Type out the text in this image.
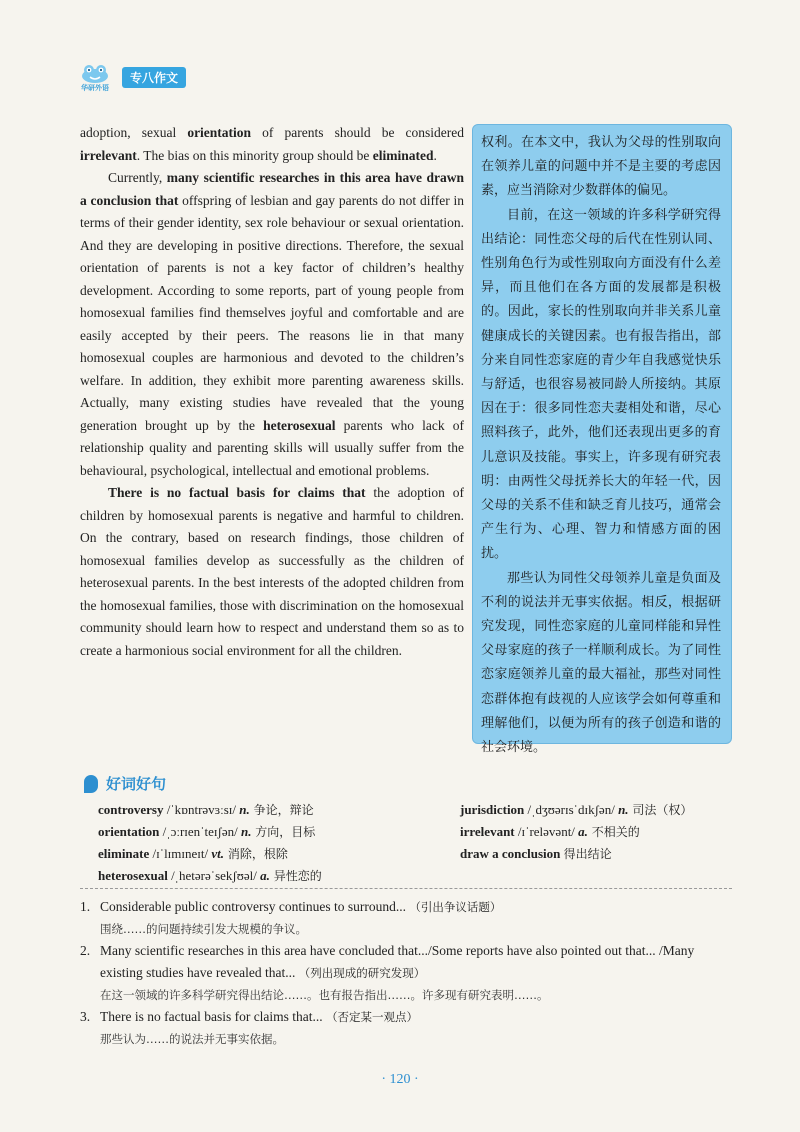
华研外语
专八作文

adoption, sexual orientation of parents should be considered irrelevant. The bias on this minority group should be eliminated.

Currently, many scientific researches in this area have drawn a conclusion that offspring of lesbian and gay parents do not differ in terms of their gender identity, sex role behaviour or sexual orientation. And they are developing in positive directions. Therefore, the sexual orientation of parents is not a key factor of children’s healthy development. According to some reports, part of young people from homosexual families find themselves joyful and comfortable and are easily accepted by their peers. The reasons lie in that many homosexual couples are harmonious and devoted to the children’s welfare. In addition, they exhibit more parenting awareness skills. Actually, many existing studies have revealed that the young generation brought up by the heterosexual parents who lack of relationship quality and parenting skills will usually suffer from the behavioural, psychological, intellectual and emotional problems.

There is no factual basis for claims that the adoption of children by homosexual parents is negative and harmful to children. On the contrary, based on research findings, those children of homosexual families develop as successfully as the children of heterosexual parents. In the best interests of the adopted children from the homosexual families, those with discrimination on the homosexual community should learn how to respect and understand them so as to create a harmonious social environment for all the children.

权利。在本文中，我认为父母的性别取向在领养儿童的问题中并不是主要的考虑因素，应当消除对少数群体的偏见。

目前，在这一领域的许多科学研究得出结论：同性恋父母的后代在性别认同、性别角色行为或性别取向方面没有什么差异，而且他们在各方面的发展都是积极的。因此，家长的性别取向并非关系儿童健康成长的关键因素。也有报告指出，部分来自同性恋家庭的青少年自我感觉快乐与舒适，也很容易被同龄人所接纳。其原因在于：很多同性恋夫妻相处和谐，尽心照料孩子，此外，他们还表现出更多的育儿意识及技能。事实上，许多现有研究表明：由两性父母抚养长大的年轻一代，因父母的关系不佳和缺乏育儿技巧，通常会产生行为、心理、智力和情感方面的困扰。

那些认为同性父母领养儿童是负面及不利的说法并无事实依据。相反，根据研究发现，同性恋家庭的儿童同样能和异性父母家庭的孩子一样顺利成长。为了同性恋家庭领养儿童的最大福祉，那些对同性恋群体抱有歧视的人应该学会如何尊重和理解他们，以便为所有的孩子创造和谐的社会环境。

好词好句
controversy /ˈkɒntrəvɜːsɪ/ n. 争论，辩论	jurisdiction /ˌdʒʊərɪsˈdɪkʃən/ n. 司法（权）
orientation /ˌɔːrɪenˈteɪʃən/ n. 方向，目标	irrelevant /ɪˈreləvənt/ a. 不相关的
eliminate /ɪˈlɪmɪneɪt/ vt. 消除，根除	draw a conclusion 得出结论
heterosexual /ˌhetərəˈsekʃʊəl/ a. 异性恋的
1. Considerable public controversy continues to surround... （引出争议话题）
围绕……的问题持续引发大规模的争议。
2. Many scientific researches in this area have concluded that.../Some reports have also pointed out that... /Many existing studies have revealed that... （列出现成的研究发现）
在这一领域的许多科学研究得出结论……。也有报告指出……。许多现有研究表明……。
3. There is no factual basis for claims that... （否定某一观点）
那些认为……的说法并无事实依据。
· 120 ·
